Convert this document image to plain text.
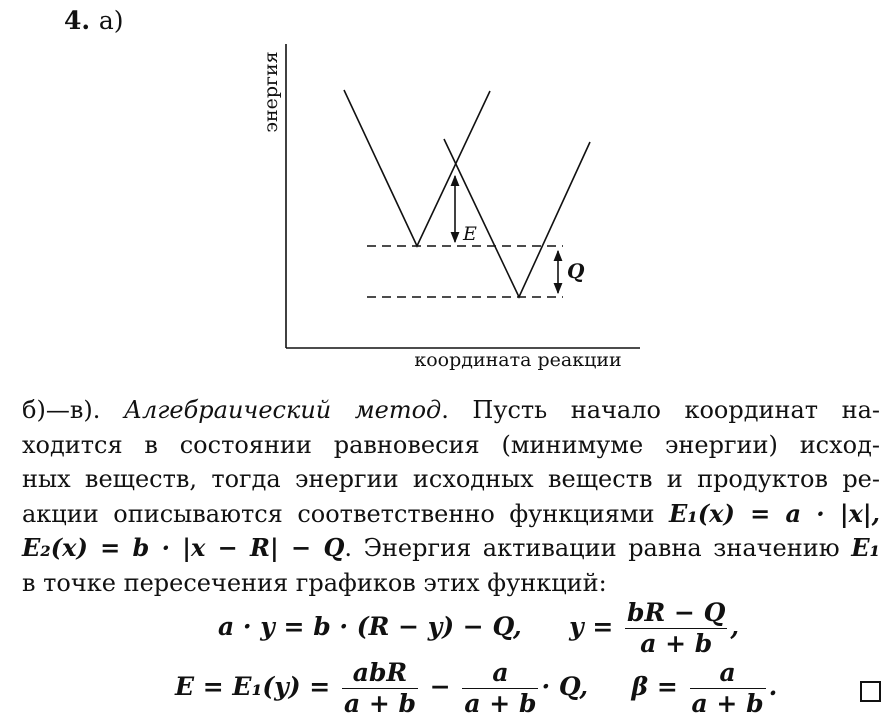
4. а)
энергия
координата реакции
E
Q
б)—в). Алгебраический метод. Пусть начало координат на-
ходится в состоянии равновесия (минимуме энергии) исход-
ных веществ, тогда энергии исходных веществ и продуктов ре-
акции описываются соответственно функциями E₁(x) = a · |x|,
E₂(x) = b · |x − R| − Q. Энергия активации равна значению E₁
в точке пересечения графиков этих функций:
a · y = b · (R − y) − Q, $y = \frac{bR - Q}{a + b}$ ,
$E = E_1(y) = \frac{\text{abR}}{a + b} - \frac{a}{a + b} \cdot Q$, $\beta = \frac{a}{a + b}$ .
